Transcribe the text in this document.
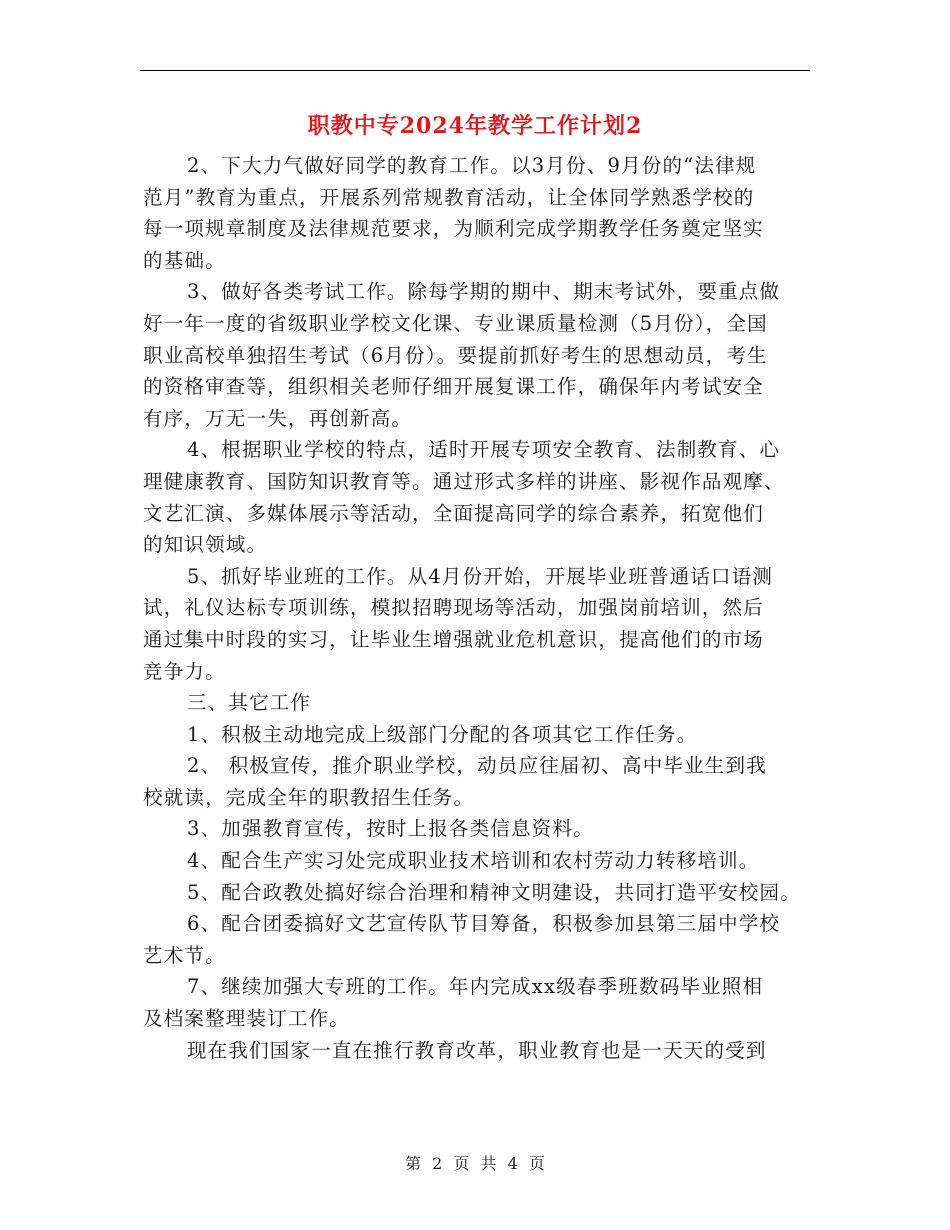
职教中专2024年教学工作计划2
2、下大力气做好同学的教育工作。以3月份、9月份的“法律规
范月”教育为重点，开展系列常规教育活动，让全体同学熟悉学校的
每一项规章制度及法律规范要求，为顺利完成学期教学任务奠定坚实
的基础。
3、做好各类考试工作。除每学期的期中、期末考试外，要重点做
好一年一度的省级职业学校文化课、专业课质量检测（5月份），全国
职业高校单独招生考试（6月份）。要提前抓好考生的思想动员，考生
的资格审查等，组织相关老师仔细开展复课工作，确保年内考试安全
有序，万无一失，再创新高。
4、根据职业学校的特点，适时开展专项安全教育、法制教育、心
理健康教育、国防知识教育等。通过形式多样的讲座、影视作品观摩、
文艺汇演、多媒体展示等活动，全面提高同学的综合素养，拓宽他们
的知识领域。
5、抓好毕业班的工作。从4月份开始，开展毕业班普通话口语测
试，礼仪达标专项训练，模拟招聘现场等活动，加强岗前培训，然后
通过集中时段的实习，让毕业生增强就业危机意识，提高他们的市场
竞争力。
三、其它工作
1、积极主动地完成上级部门分配的各项其它工作任务。
2、 积极宣传，推介职业学校，动员应往届初、高中毕业生到我
校就读，完成全年的职教招生任务。
3、加强教育宣传，按时上报各类信息资料。
4、配合生产实习处完成职业技术培训和农村劳动力转移培训。
5、配合政教处搞好综合治理和精神文明建设，共同打造平安校园。
6、配合团委搞好文艺宣传队节目筹备，积极参加县第三届中学校
艺术节。
7、继续加强大专班的工作。年内完成xx级春季班数码毕业照相
及档案整理装订工作。
现在我们国家一直在推行教育改革，职业教育也是一天天的受到
第 2 页 共 4 页
